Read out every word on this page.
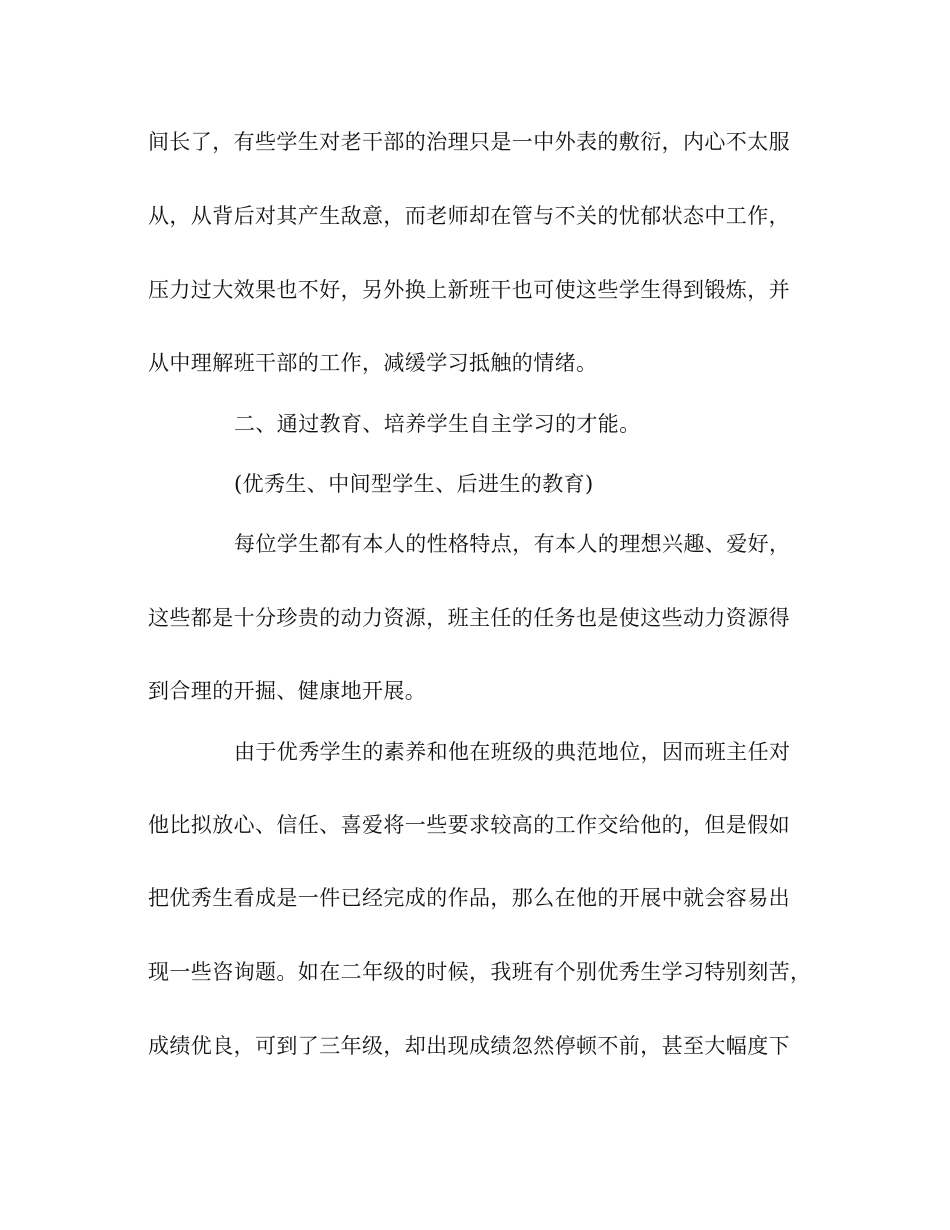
间长了，有些学生对老干部的治理只是一中外表的敷衍，内心不太服
从，从背后对其产生敌意，而老师却在管与不关的忧郁状态中工作，
压力过大效果也不好，另外换上新班干也可使这些学生得到锻炼，并
从中理解班干部的工作，减缓学习抵触的情绪。
二、通过教育、培养学生自主学习的才能。
(优秀生、中间型学生、后进生的教育)
每位学生都有本人的性格特点，有本人的理想兴趣、爱好，
这些都是十分珍贵的动力资源，班主任的任务也是使这些动力资源得
到合理的开掘、健康地开展。
由于优秀学生的素养和他在班级的典范地位，因而班主任对
他比拟放心、信任、喜爱将一些要求较高的工作交给他的，但是假如
把优秀生看成是一件已经完成的作品，那么在他的开展中就会容易出
现一些咨询题。如在二年级的时候，我班有个别优秀生学习特别刻苦，
成绩优良，可到了三年级，却出现成绩忽然停顿不前，甚至大幅度下
